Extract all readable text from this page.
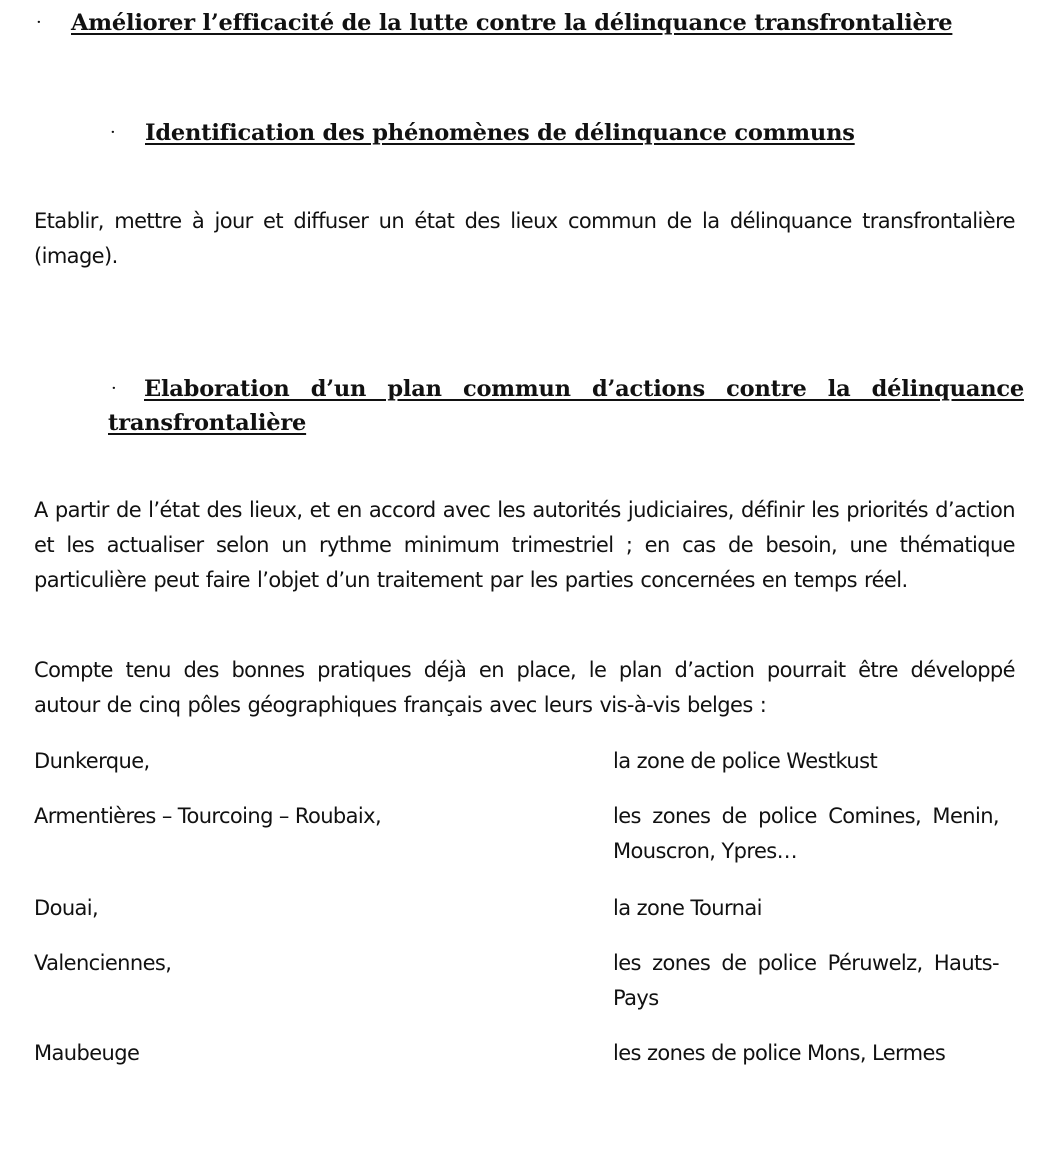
· Améliorer l’efficacité de la lutte contre la délinquance transfrontalière
· Identification des phénomènes de délinquance communs

Etablir, mettre à jour et diffuser un état des lieux commun de la délinquance transfrontalière (image).

·	Elaboration d’un plan commun d’actions contre la délinquance transfrontalière

A partir de l’état des lieux, et en accord avec les autorités judiciaires, définir les priorités d’action et les actualiser selon un rythme minimum trimestriel ; en cas de besoin, une thématique particulière peut faire l’objet d’un traitement par les parties concernées en temps réel.

Compte tenu des bonnes pratiques déjà en place, le plan d’action pourrait être développé autour de cinq pôles géographiques français avec leurs vis-à-vis belges :

Dunkerque,	la zone de police Westkust
Armentières – Tourcoing – Roubaix,	les zones de police Comines, Menin, Mouscron, Ypres…
Douai,	la zone Tournai
Valenciennes,	les zones de police Péruwelz, Hauts-Pays
Maubeuge	les zones de police Mons, Lermes
